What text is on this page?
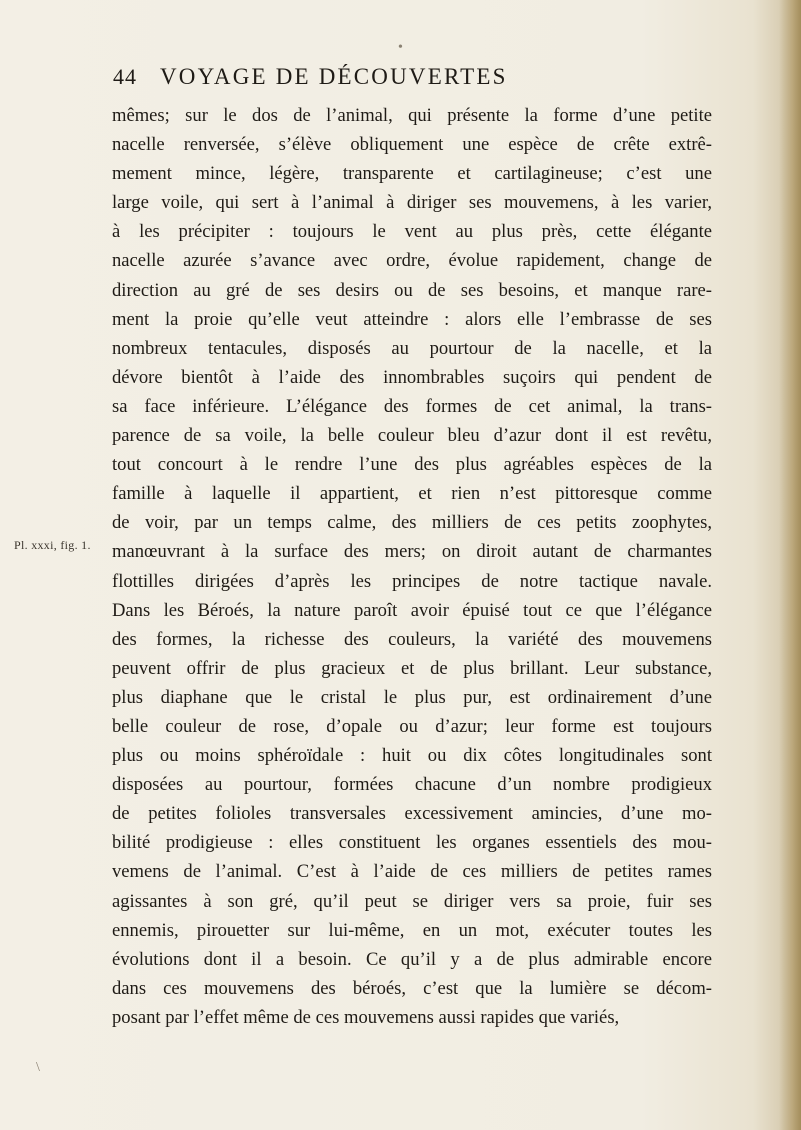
44 VOYAGE DE DÉCOUVERTES
Pl. xxxi, fig. 1.
mêmes; sur le dos de l’animal, qui présente la forme d’une petite
nacelle renversée, s’élève obliquement une espèce de crête extrê-
mement mince, légère, transparente et cartilagineuse; c’est une
large voile, qui sert à l’animal à diriger ses mouvemens, à les varier,
à les précipiter : toujours le vent au plus près, cette élégante
nacelle azurée s’avance avec ordre, évolue rapidement, change de
direction au gré de ses desirs ou de ses besoins, et manque rare-
ment la proie qu’elle veut atteindre : alors elle l’embrasse de ses
nombreux tentacules, disposés au pourtour de la nacelle, et la
dévore bientôt à l’aide des innombrables suçoirs qui pendent de
sa face inférieure. L’élégance des formes de cet animal, la trans-
parence de sa voile, la belle couleur bleu d’azur dont il est revêtu,
tout concourt à le rendre l’une des plus agréables espèces de la
famille à laquelle il appartient, et rien n’est pittoresque comme
de voir, par un temps calme, des milliers de ces petits zoophytes,
manœuvrant à la surface des mers; on diroit autant de charmantes
flottilles dirigées d’après les principes de notre tactique navale.
Dans les Béroés, la nature paroît avoir épuisé tout ce que l’élégance
des formes, la richesse des couleurs, la variété des mouvemens
peuvent offrir de plus gracieux et de plus brillant. Leur substance,
plus diaphane que le cristal le plus pur, est ordinairement d’une
belle couleur de rose, d’opale ou d’azur; leur forme est toujours
plus ou moins sphéroïdale : huit ou dix côtes longitudinales sont
disposées au pourtour, formées chacune d’un nombre prodigieux
de petites folioles transversales excessivement amincies, d’une mo-
bilité prodigieuse : elles constituent les organes essentiels des mou-
vemens de l’animal. C’est à l’aide de ces milliers de petites rames
agissantes à son gré, qu’il peut se diriger vers sa proie, fuir ses
ennemis, pirouetter sur lui-même, en un mot, exécuter toutes les
évolutions dont il a besoin. Ce qu’il y a de plus admirable encore
dans ces mouvemens des béroés, c’est que la lumière se décom-
posant par l’effet même de ces mouvemens aussi rapides que variés,
•
\
